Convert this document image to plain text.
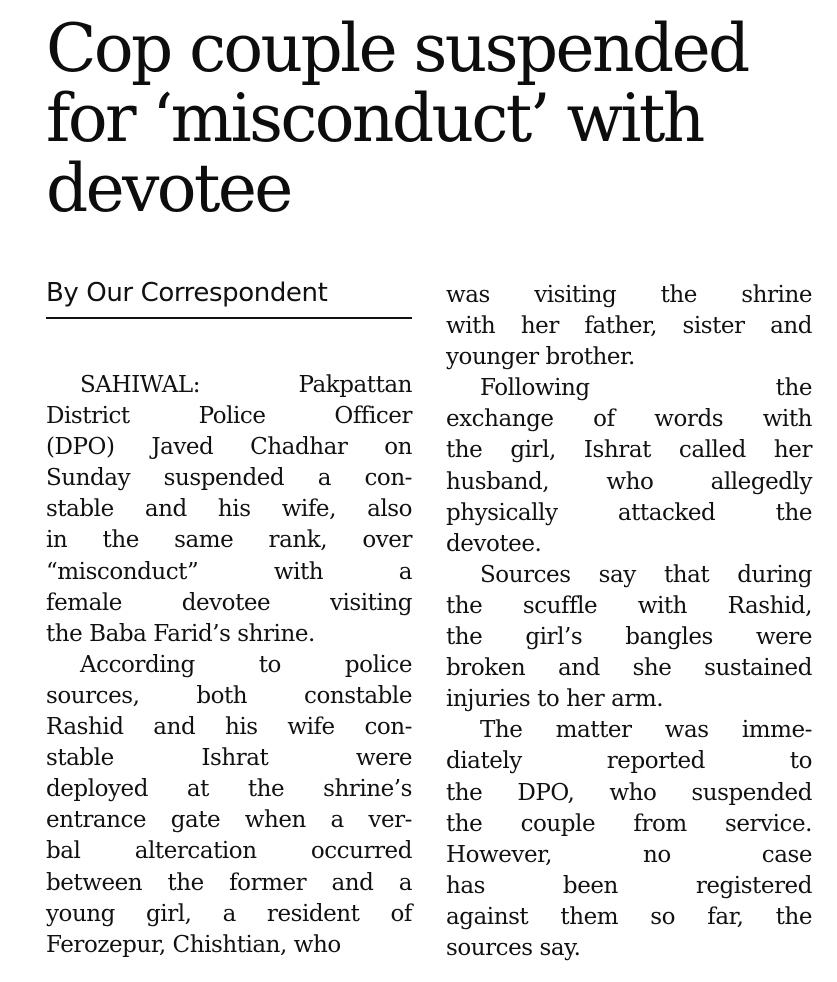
Cop couple suspended
for ‘misconduct’ with
devotee
By Our Correspondent

SAHIWAL: Pakpattan
District Police Officer
(DPO) Javed Chadhar on
Sunday suspended a con-
stable and his wife, also
in the same rank, over
“misconduct” with a
female devotee visiting
the Baba Farid’s shrine.

According to police
sources, both constable
Rashid and his wife con-
stable Ishrat were
deployed at the shrine’s
entrance gate when a ver-
bal altercation occurred
between the former and a
young girl, a resident of
Ferozepur, Chishtian, who

was visiting the shrine
with her father, sister and
younger brother.

Following the
exchange of words with
the girl, Ishrat called her
husband, who allegedly
physically attacked the
devotee.

Sources say that during
the scuffle with Rashid,
the girl’s bangles were
broken and she sustained
injuries to her arm.

The matter was imme-
diately reported to
the DPO, who suspended
the couple from service.
However, no case
has been registered
against them so far, the
sources say.
